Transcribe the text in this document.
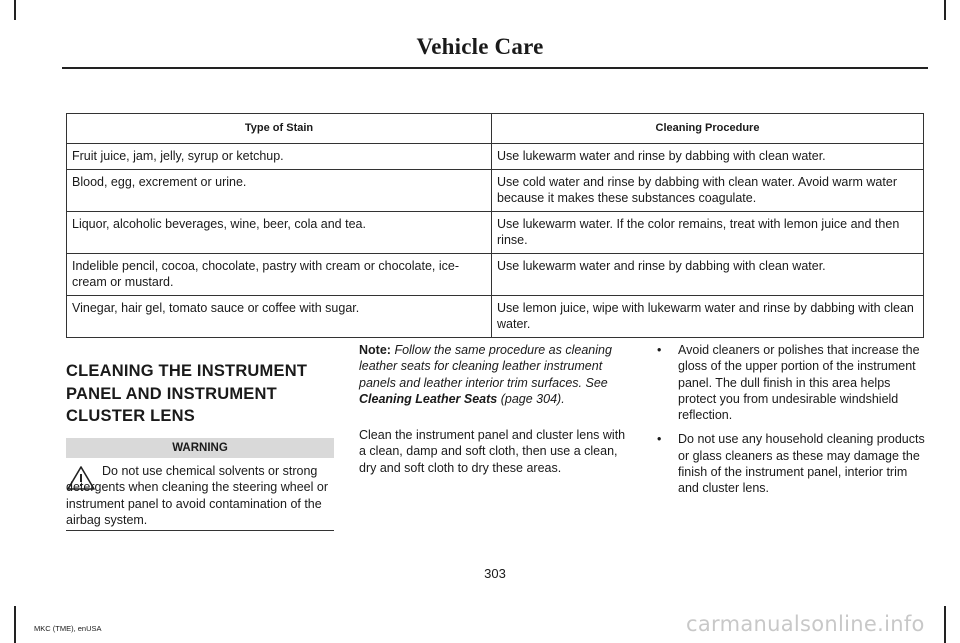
Vehicle Care
Type of Stain	Cleaning Procedure
Fruit juice, jam, jelly, syrup or ketchup.	Use lukewarm water and rinse by dabbing with clean water.
Blood, egg, excrement or urine.	Use cold water and rinse by dabbing with clean water. Avoid warm water because it makes these substances coagulate.
Liquor, alcoholic beverages, wine, beer, cola and tea.	Use lukewarm water. If the color remains, treat with lemon juice and then rinse.
Indelible pencil, cocoa, chocolate, pastry with cream or chocolate, ice-cream or mustard.	Use lukewarm water and rinse by dabbing with clean water.
Vinegar, hair gel, tomato sauce or coffee with sugar.	Use lemon juice, wipe with lukewarm water and rinse by dabbing with clean water.
CLEANING THE INSTRUMENT PANEL AND INSTRUMENT CLUSTER LENS
WARNING
Do not use chemical solvents or strong detergents when cleaning the steering wheel or instrument panel to avoid contamination of the airbag system.
Note: Follow the same procedure as cleaning leather seats for cleaning leather instrument panels and leather interior trim surfaces. See Cleaning Leather Seats (page 304).
Clean the instrument panel and cluster lens with a clean, damp and soft cloth, then use a clean, dry and soft cloth to dry these areas.
• Avoid cleaners or polishes that increase the gloss of the upper portion of the instrument panel. The dull finish in this area helps protect you from undesirable windshield reflection.
• Do not use any household cleaning products or glass cleaners as these may damage the finish of the instrument panel, interior trim and cluster lens.
303
MKC (TME), enUSA	carmanualsonline.info
